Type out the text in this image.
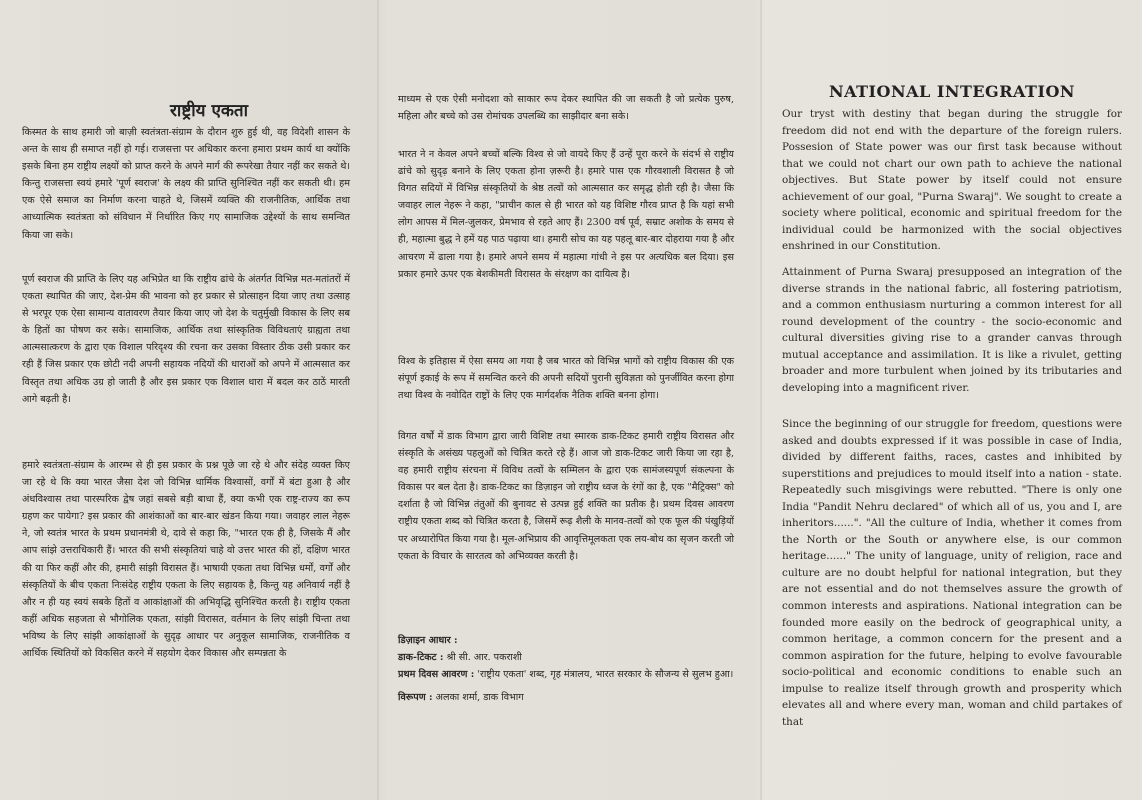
राष्ट्रीय एकता

किस्मत के साथ हमारी जो बाज़ी स्वतंत्रता-संग्राम के दौरान शुरु हुई थी, वह विदेशी शासन के अन्त के साथ ही समाप्त नहीं हो गई। राजसत्ता पर अधिकार करना हमारा प्रथम कार्य था क्योंकि इसके बिना हम राष्ट्रीय लक्ष्यों को प्राप्त करने के अपने मार्ग की रूपरेखा तैयार नहीं कर सकते थे। किन्तु राजसत्ता स्वयं हमारे 'पूर्ण स्वराज' के लक्ष्य की प्राप्ति सुनिश्चित नहीं कर सकती थी। हम एक ऐसे समाज का निर्माण करना चाहते थे, जिसमें व्यक्ति की राजनीतिक, आर्थिक तथा आध्यात्मिक स्वतंत्रता को संविधान में निर्धारित किए गए सामाजिक उद्देश्यों के साथ समन्वित किया जा सके।

पूर्ण स्वराज की प्राप्ति के लिए यह अभिप्रेत था कि राष्ट्रीय ढांचे के अंतर्गत विभिन्न मत-मतांतरों में एकता स्थापित की जाए, देश-प्रेम की भावना को हर प्रकार से प्रोत्साहन दिया जाए तथा उत्साह से भरपूर एक ऐसा सामान्य वातावरण तैयार किया जाए जो देश के चतुर्मुखी विकास के लिए सब के हितों का पोषण कर सके। सामाजिक, आर्थिक तथा सांस्कृतिक विविधताएं ग्राह्यता तथा आत्मसात्करण के द्वारा एक विशाल परिदृश्य की रचना कर उसका विस्तार ठीक उसी प्रकार कर रही हैं जिस प्रकार एक छोटी नदी अपनी सहायक नदियों की धाराओं को अपने में आत्मसात कर विस्तृत तथा अधिक उग्र हो जाती है और इस प्रकार एक विशाल धारा में बदल कर ठाठें मारती आगे बढ़ती है।

हमारे स्वतंत्रता-संग्राम के आरम्भ से ही इस प्रकार के प्रश्न पूछे जा रहे थे और संदेह व्यक्त किए जा रहे थे कि क्या भारत जैसा देश जो विभिन्न धार्मिक विश्वासों, वर्गों में बंटा हुआ है और अंधविश्वास तथा पारस्परिक द्वेष जहां सबसे बड़ी बाधा हैं, क्या कभी एक राष्ट्र-राज्य का रूप ग्रहण कर पायेगा? इस प्रकार की आशंकाओं का बार-बार खंडन किया गया। जवाहर लाल नेहरू ने, जो स्वतंत्र भारत के प्रथम प्रधानमंत्री थे, दावे से कहा कि, "भारत एक ही है, जिसके मैं और आप सांझे उत्तराधिकारी हैं। भारत की सभी संस्कृतियां चाहे वो उत्तर भारत की हों, दक्षिण भारत की या फिर कहीं और की, हमारी सांझी विरासत हैं। भाषायी एकता तथा विभिन्न धर्मों, वर्गों और संस्कृतियों के बीच एकता निःसंदेह राष्ट्रीय एकता के लिए सहायक है, किन्तु यह अनिवार्य नहीं है और न ही यह स्वयं सबके हितों व आकांक्षाओं की अभिवृद्धि सुनिश्चित करती है। राष्ट्रीय एकता कहीं अधिक सहजता से भौगोलिक एकता, सांझी विरासत, वर्तमान के लिए सांझी चिन्ता तथा भविष्य के लिए सांझी आकांक्षाओं के सुदृढ़ आधार पर अनुकूल सामाजिक, राजनीतिक व आर्थिक स्थितियों को विकसित करने में सहयोग देकर विकास और सम्पन्नता के

माध्यम से एक ऐसी मनोदशा को साकार रूप देकर स्थापित की जा सकती है जो प्रत्येक पुरुष, महिला और बच्चे को उस रोमांचक उपलब्धि का साझीदार बना सके।

भारत ने न केवल अपने बच्चों बल्कि विश्व से जो वायदे किए हैं उन्हें पूरा करने के संदर्भ से राष्ट्रीय ढांचे को सुदृढ़ बनाने के लिए एकता होना ज़रूरी है। हमारे पास एक गौरवशाली विरासत है जो विगत सदियों में विभिन्न संस्कृतियों के श्रेष्ठ तत्वों को आत्मसात कर समृद्ध होती रही है। जैसा कि जवाहर लाल नेहरू ने कहा, "प्राचीन काल से ही भारत को यह विशिष्ट गौरव प्राप्त है कि यहां सभी लोग आपस में मिल-जुलकर, प्रेमभाव से रहते आए हैं। 2300 वर्ष पूर्व, सम्राट अशोक के समय से ही, महात्मा बुद्ध ने हमें यह पाठ पढ़ाया था। हमारी सोच का यह पहलू बार-बार दोहराया गया है और आचरण में ढाला गया है। हमारे अपने समय में महात्मा गांधी ने इस पर अत्यधिक बल दिया। इस प्रकार हमारे ऊपर एक बेशकीमती विरासत के संरक्षण का दायित्व है।

विश्व के इतिहास में ऐसा समय आ गया है जब भारत को विभिन्न भागों को राष्ट्रीय विकास की एक संपूर्ण इकाई के रूप में समन्वित करने की अपनी सदियों पुरानी सुविज्ञता को पुनर्जीवित करना होगा तथा विश्व के नवोदित राष्ट्रों के लिए एक मार्गदर्शक नैतिक शक्ति बनना होगा।

विगत वर्षों में डाक विभाग द्वारा जारी विशिष्ट तथा स्मारक डाक-टिकट हमारी राष्ट्रीय विरासत और संस्कृति के असंख्य पहलुओं को चित्रित करते रहे हैं। आज जो डाक-टिकट जारी किया जा रहा है, वह हमारी राष्ट्रीय संरचना में विविध तत्वों के सम्मिलन के द्वारा एक सामंजस्यपूर्ण संकल्पना के विकास पर बल देता है। डाक-टिकट का डिज़ाइन जो राष्ट्रीय ध्वज के रंगों का है, एक "मैट्रिक्स" को दर्शाता है जो विभिन्न तंतुओं की बुनावट से उत्पन्न हुई शक्ति का प्रतीक है। प्रथम दिवस आवरण राष्ट्रीय एकता शब्द को चित्रित करता है, जिसमें रूढ़ शैली के मानव-तत्वों को एक फूल की पंखुड़ियों पर अध्यारोपित किया गया है। मूल-अभिप्राय की आवृत्तिमूलकता एक लय-बोध का सृजन करती जो एकता के विचार के सारतत्व को अभिव्यक्त करती है।

डिज़ाइन आधार :
डाक-टिकट : श्री सी. आर. पकराशी
प्रथम दिवस आवरण : 'राष्ट्रीय एकता' शब्द, गृह मंत्रालय, भारत सरकार के सौजन्य से सुलभ हुआ।
विरूपण : अलका शर्मा, डाक विभाग
NATIONAL INTEGRATION

Our tryst with destiny that began during the struggle for freedom did not end with the departure of the foreign rulers. Possesion of State power was our first task because without that we could not chart our own path to achieve the national objectives. But State power by itself could not ensure achievement of our goal, "Purna Swaraj". We sought to create a society where political, economic and spiritual freedom for the individual could be harmonized with the social objectives enshrined in our Constitution.

Attainment of Purna Swaraj presupposed an integration of the diverse strands in the national fabric, all fostering patriotism, and a common enthusiasm nurturing a common interest for all round development of the country - the socio-economic and cultural diversities giving rise to a grander canvas through mutual acceptance and assimilation. It is like a rivulet, getting broader and more turbulent when joined by its tributaries and developing into a magnificent river.

Since the beginning of our struggle for freedom, questions were asked and doubts expressed if it was possible in case of India, divided by different faiths, races, castes and inhibited by superstitions and prejudices to mould itself into a nation - state. Repeatedly such misgivings were rebutted. "There is only one India "Pandit Nehru declared" of which all of us, you and I, are inheritors......". "All the culture of India, whether it comes from the North or the South or anywhere else, is our common heritage......" The unity of language, unity of religion, race and culture are no doubt helpful for national integration, but they are not essential and do not themselves assure the growth of common interests and aspirations. National integration can be founded more easily on the bedrock of geographical unity, a common heritage, a common concern for the present and a common aspiration for the future, helping to evolve favourable socio-political and economic conditions to enable such an impulse to realize itself through growth and prosperity which elevates all and where every man, woman and child partakes of that
